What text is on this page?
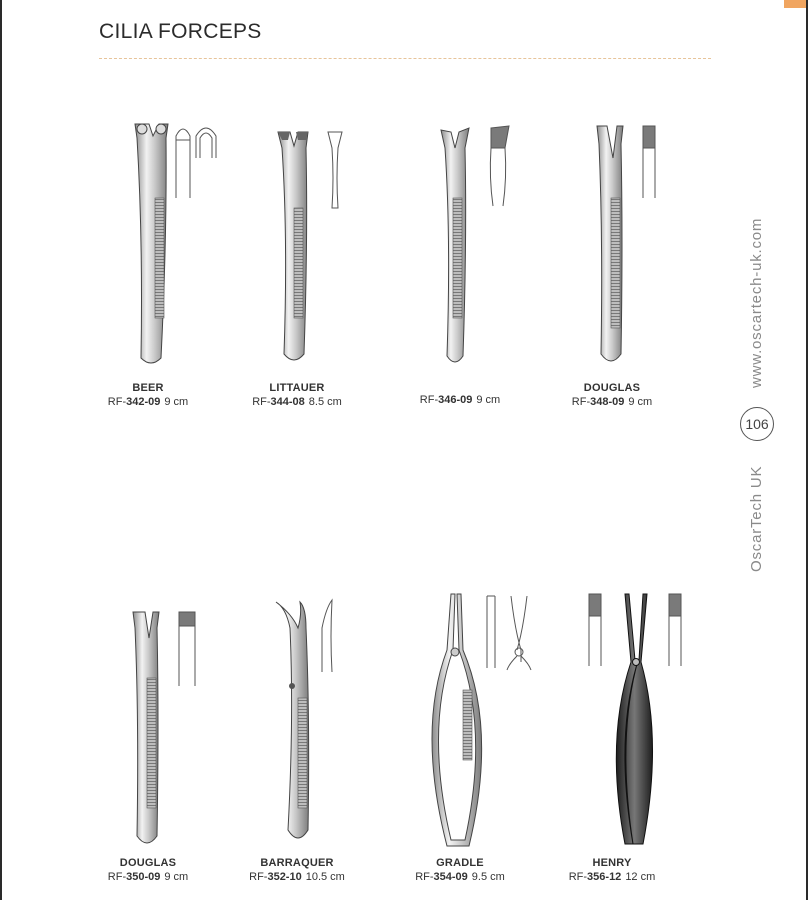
CILIA FORCEPS
BEER
RF-342-09 9 cm
LITTAUER
RF-344-08 8.5 cm	RF-346-09 9 cm
DOUGLAS
RF-348-09 9 cm
DOUGLAS
RF-350-09 9 cm
BARRAQUER
RF-352-10 10.5 cm
GRADLE
RF-354-09 9.5 cm
HENRY
RF-356-12 12 cm
www.oscartech-uk.com
106
OscarTech UK
